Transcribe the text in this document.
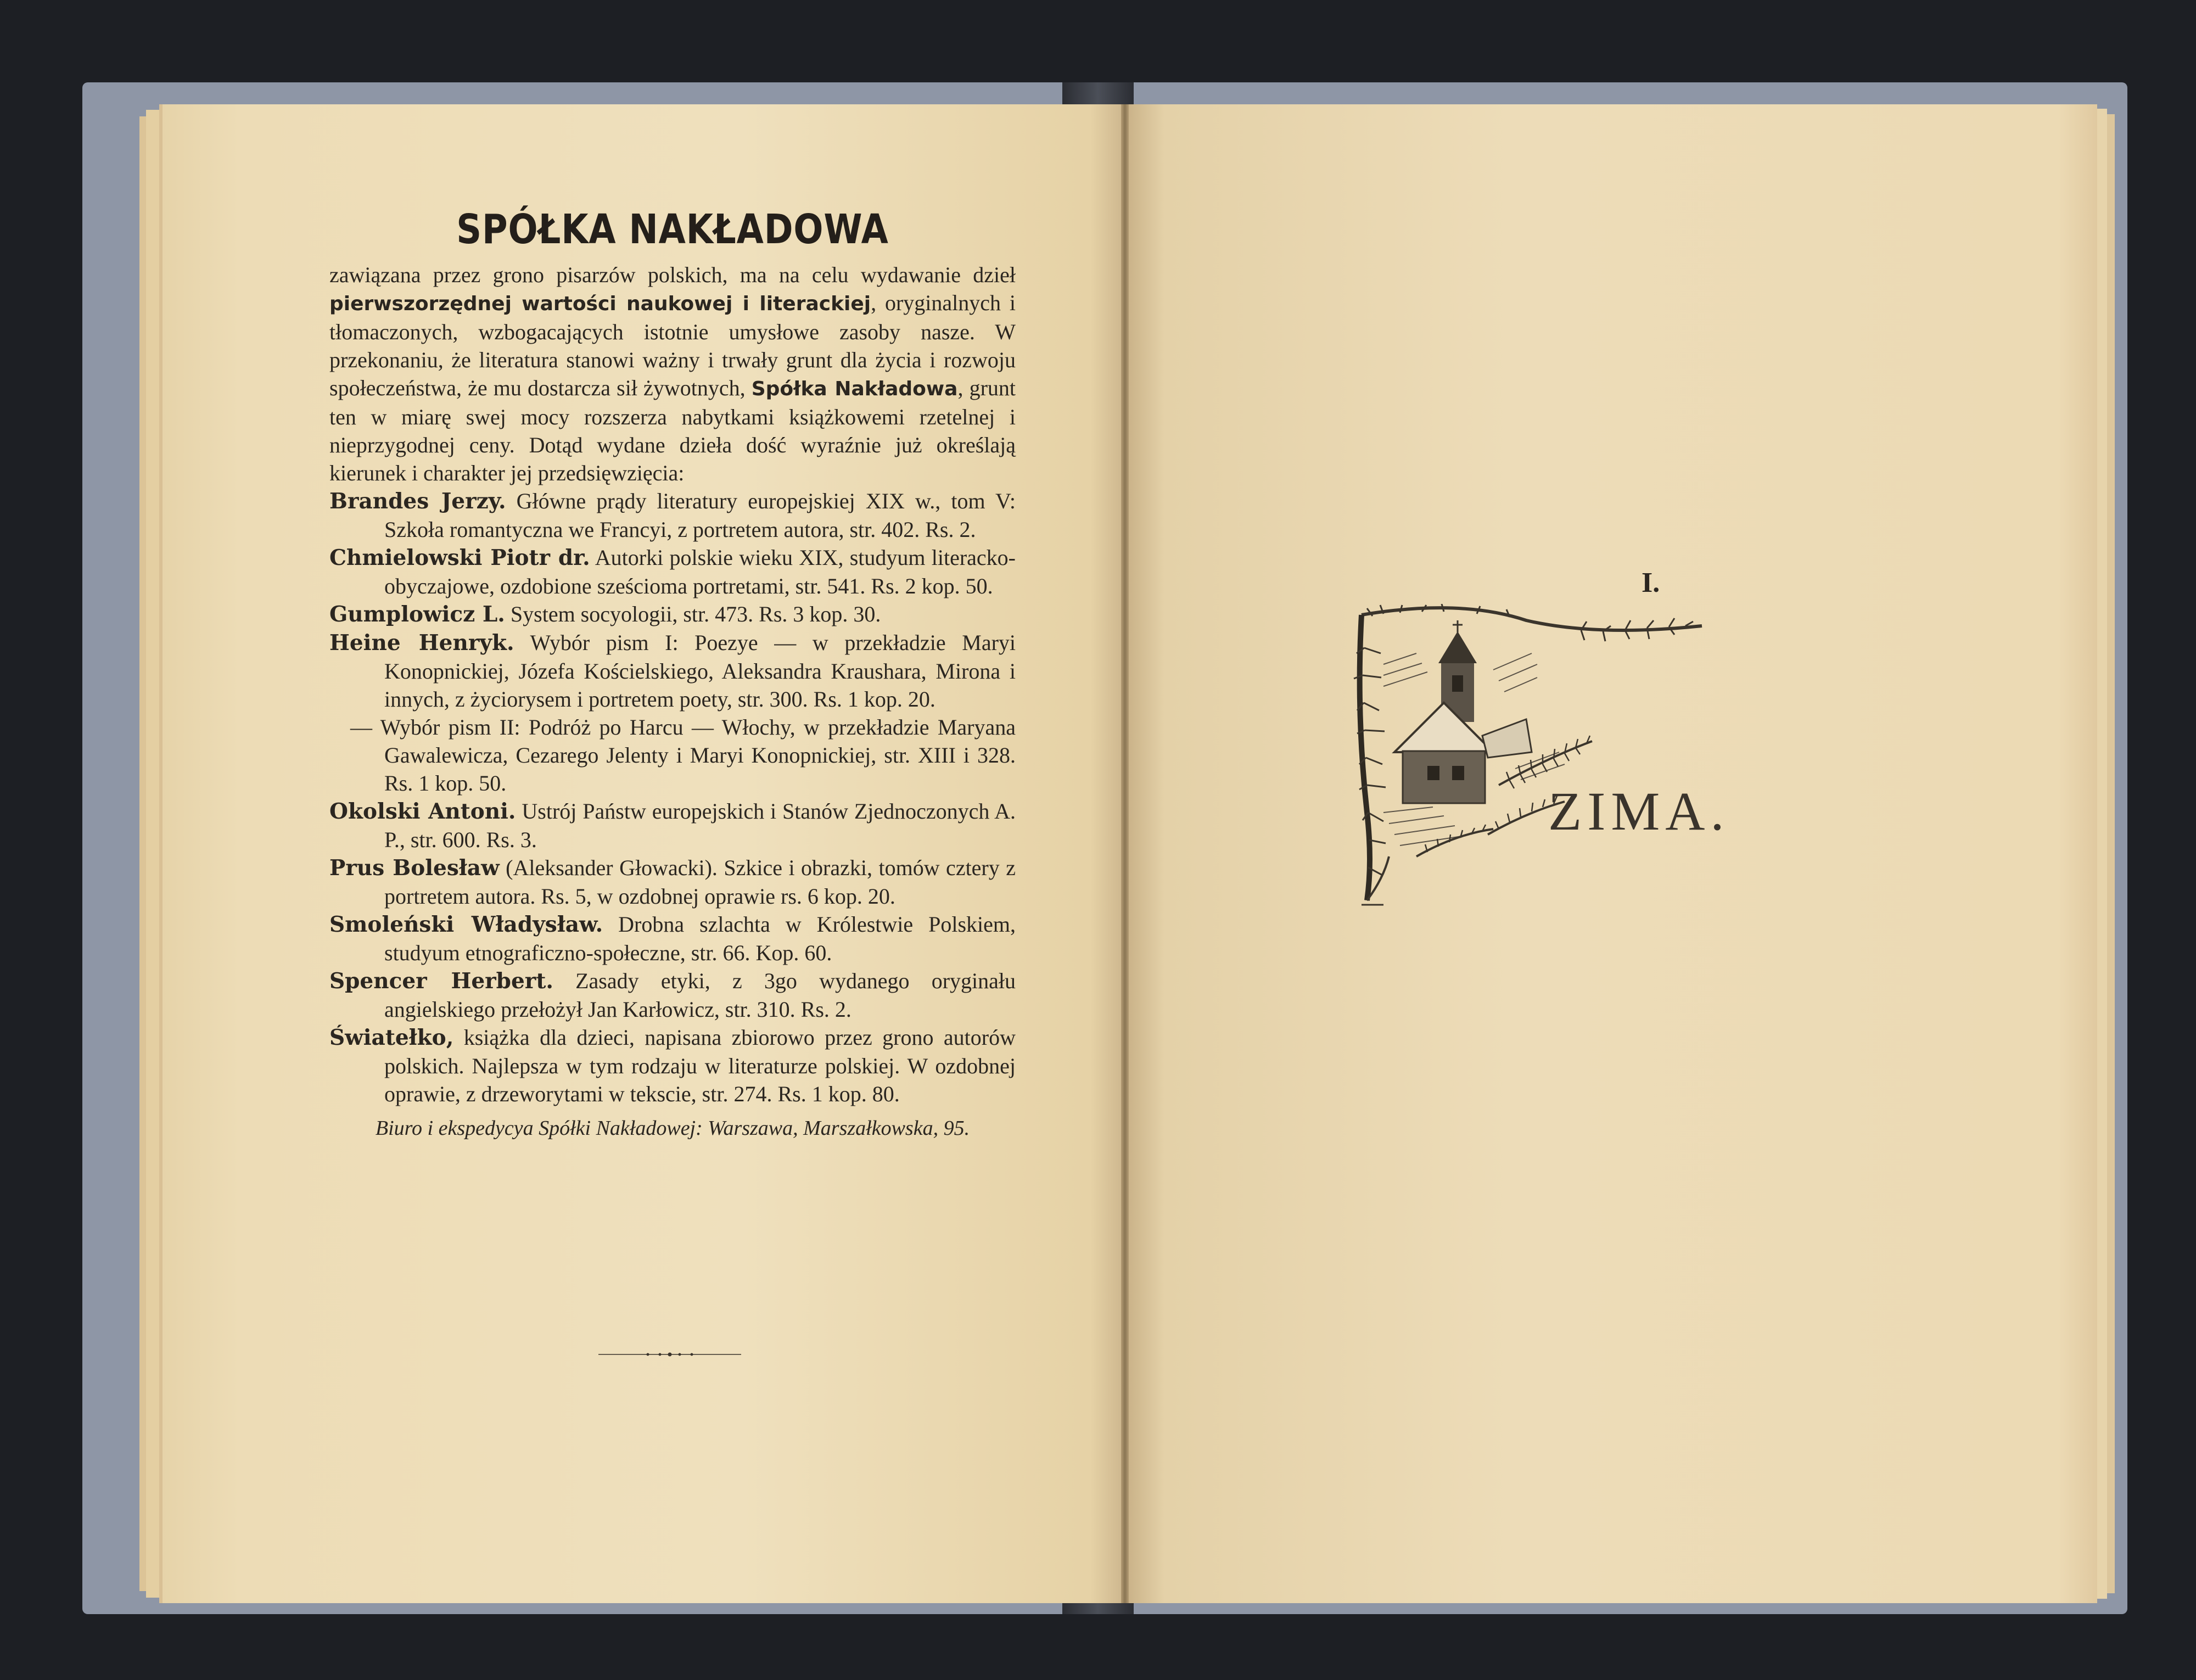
SPÓŁKA NAKŁADOWA

zawiązana przez grono pisarzów polskich, ma na celu wydawanie dzieł pierwszorzędnej wartości naukowej i literackiej, oryginalnych i tłomaczonych, wzbogacających istotnie umysłowe zasoby nasze. W przekonaniu, że literatura stanowi ważny i trwały grunt dla życia i rozwoju społeczeństwa, że mu dostarcza sił żywotnych, Spółka Nakładowa, grunt ten w miarę swej mocy rozszerza nabytkami książkowemi rzetelnej i nieprzygodnej ceny. Dotąd wydane dzieła dość wyraźnie już określają kierunek i charakter jej przedsięwzięcia:

Brandes Jerzy. Główne prądy literatury europejskiej XIX w., tom V: Szkoła romantyczna we Francyi, z portretem autora, str. 402. Rs. 2.

Chmielowski Piotr dr. Autorki polskie wieku XIX, studyum literacko-obyczajowe, ozdobione sześcioma portretami, str. 541. Rs. 2 kop. 50.

Gumplowicz L. System socyologii, str. 473. Rs. 3 kop. 30.

Heine Henryk. Wybór pism I: Poezye — w przekładzie Maryi Konopnickiej, Józefa Kościelskiego, Aleksandra Kraushara, Mirona i innych, z życiorysem i portretem poety, str. 300. Rs. 1 kop. 20.

— Wybór pism II: Podróż po Harcu — Włochy, w przekładzie Maryana Gawalewicza, Cezarego Jelenty i Maryi Konopnickiej, str. XIII i 328. Rs. 1 kop. 50.

Okolski Antoni. Ustrój Państw europejskich i Stanów Zjednoczonych A. P., str. 600. Rs. 3.

Prus Bolesław (Aleksander Głowacki). Szkice i obrazki, tomów cztery z portretem autora. Rs. 5, w ozdobnej oprawie rs. 6 kop. 20.

Smoleński Władysław. Drobna szlachta w Królestwie Polskiem, studyum etnograficzno-społeczne, str. 66. Kop. 60.

Spencer Herbert. Zasady etyki, z 3go wydanego oryginału angielskiego przełożył Jan Karłowicz, str. 310. Rs. 2.

Światełko, książka dla dzieci, napisana zbiorowo przez grono autorów polskich. Najlepsza w tym rodzaju w literaturze polskiej. W ozdobnej oprawie, z drzeworytami w tekscie, str. 274. Rs. 1 kop. 80.

Biuro i ekspedycya Spółki Nakładowej: Warszawa, Marszałkowska, 95.
I.
ZIMA.
